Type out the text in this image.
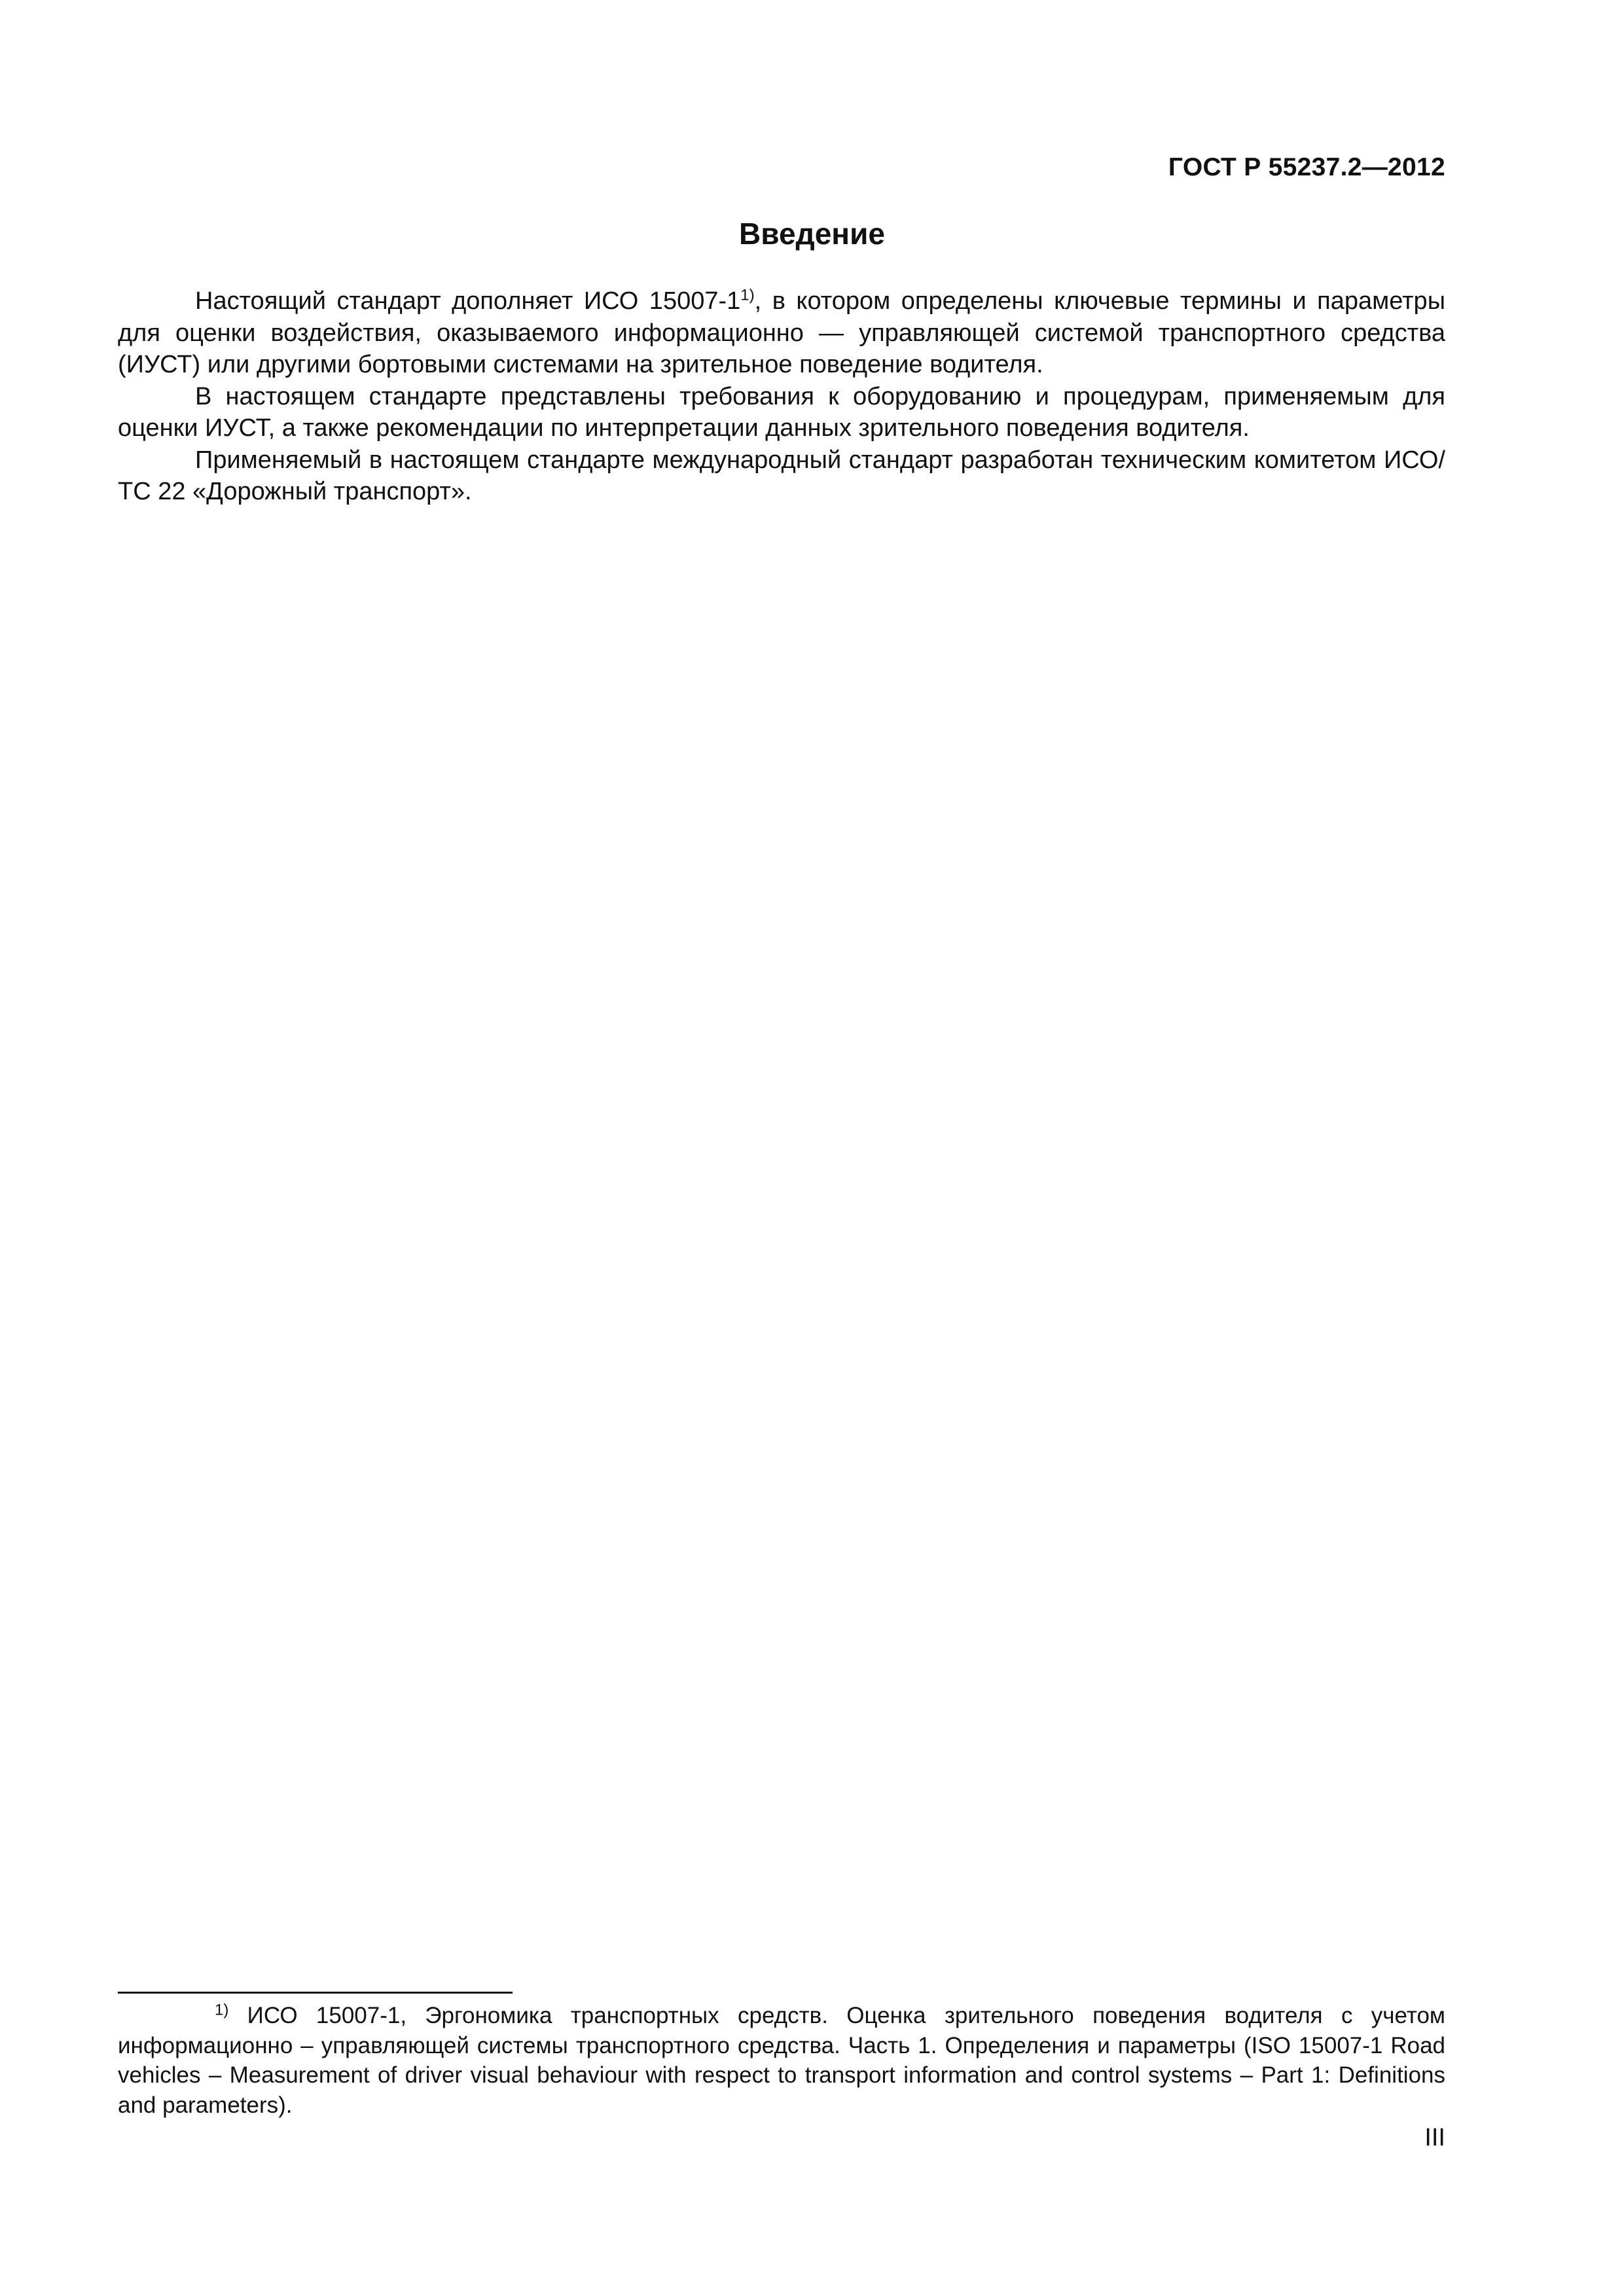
ГОСТ Р 55237.2—2012
Введение

Настоящий стандарт дополняет ИСО 15007-1$^{1)}$, в котором определены ключевые термины и параметры для оценки воздействия, оказываемого информационно — управляющей системой транспортного средства (ИУСТ) или другими бортовыми системами на зрительное поведение водителя.

В настоящем стандарте представлены требования к оборудованию и процедурам, применяемым для оценки ИУСТ, а также рекомендации по интерпретации данных зрительного поведения водителя.

Применяемый в настоящем стандарте международный стандарт разработан техническим комитетом ИСО/ТС 22 «Дорожный транспорт».

$^{1)}$ ИСО 15007-1, Эргономика транспортных средств. Оценка зрительного поведения водителя с учетом информационно – управляющей системы транспортного средства. Часть 1. Определения и параметры (ISO 15007-1 Road vehicles – Measurement of driver visual behaviour with respect to transport information and control systems – Part 1: Definitions and parameters).

III
